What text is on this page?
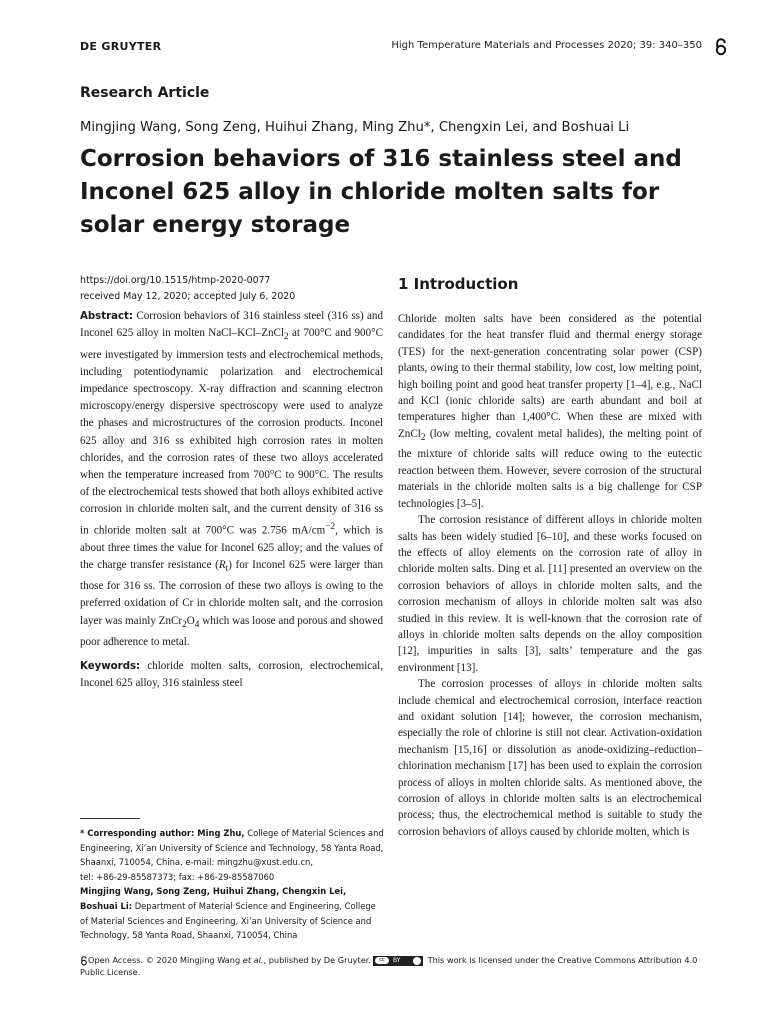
DE GRUYTER	High Temperature Materials and Processes 2020; 39: 340–350
Research Article
Mingjing Wang, Song Zeng, Huihui Zhang, Ming Zhu*, Chengxin Lei, and Boshuai Li
Corrosion behaviors of 316 stainless steel and
Inconel 625 alloy in chloride molten salts for
solar energy storage
https://doi.org/10.1515/htmp-2020-0077
received May 12, 2020; accepted July 6, 2020

Abstract: Corrosion behaviors of 316 stainless steel (316 ss) and Inconel 625 alloy in molten NaCl–KCl–ZnCl$_2$ at 700°C and 900°C were investigated by immersion tests and electrochemical methods, including potentiodynamic polarization and electrochemical impedance spectroscopy. X-ray diffraction and scanning electron microscopy/energy dispersive spectroscopy were used to analyze the phases and microstructures of the corrosion products. Inconel 625 alloy and 316 ss exhibited high corrosion rates in molten chlorides, and the corrosion rates of these two alloys accelerated when the temperature increased from 700°C to 900°C. The results of the electrochemical tests showed that both alloys exhibited active corrosion in chloride molten salt, and the current density of 316 ss in chloride molten salt at 700°C was 2.756 $mA/cm^{-2}$, which is about three times the value for Inconel 625 alloy; and the values of the charge transfer resistance $(R_t)$ for Inconel 625 were larger than those for 316 ss. The corrosion of these two alloys is owing to the preferred oxidation of Cr in chloride molten salt, and the corrosion layer was mainly $ZnCr_2O_4$ which was loose and porous and showed poor adherence to metal.

Keywords: chloride molten salts, corrosion, electrochemical, Inconel 625 alloy, 316 stainless steel

1 Introduction

Chloride molten salts have been considered as the potential candidates for the heat transfer fluid and thermal energy storage (TES) for the next-generation concentrating solar power (CSP) plants, owing to their thermal stability, low cost, low melting point, high boiling point and good heat transfer property [1–4], e.g., NaCl and KCl (ionic chloride salts) are earth abundant and boil at temperatures higher than 1,400°C. When these are mixed with ZnCl$_2$ (low melting, covalent metal halides), the melting point of the mixture of chloride salts will reduce owing to the eutectic reaction between them. However, severe corrosion of the structural materials in the chloride molten salts is a big challenge for CSP technologies [3–5].

The corrosion resistance of different alloys in chloride molten salts has been widely studied [6–10], and these works focused on the effects of alloy elements on the corrosion rate of alloy in chloride molten salts. Ding et al. [11] presented an overview on the corrosion behaviors of alloys in chloride molten salts, and the corrosion mechanism of alloys in chloride molten salt was also studied in this review. It is well-known that the corrosion rate of alloys in chloride molten salts depends on the alloy composition [12], impurities in salts [3], salts’ temperature and the gas environment [13].

The corrosion processes of alloys in chloride molten salts include chemical and electrochemical corrosion, interface reaction and oxidant solution [14]; however, the corrosion mechanism, especially the role of chlorine is still not clear. Activation-oxidation mechanism [15,16] or dissolution as anode-oxidizing–reduction–chlorination mechanism [17] has been used to explain the corrosion process of alloys in molten chloride salts. As mentioned above, the corrosion of alloys in chloride molten salts is an electrochemical process; thus, the electrochemical method is suitable to study the corrosion behaviors of alloys caused by chloride molten, which is

* Corresponding author: Ming Zhu, College of Material Sciences and Engineering, Xi’an University of Science and Technology, 58 Yanta Road, Shaanxi, 710054, China, e-mail: mingzhu@xust.edu.cn,
tel: +86-29-85587373; fax: +86-29-85587060
Mingjing Wang, Song Zeng, Huihui Zhang, Chengxin Lei, Boshuai Li: Department of Material Science and Engineering, College of Material Sciences and Engineering, Xi’an University of Science and Technology, 58 Yanta Road, Shaanxi, 710054, China
Open Access. © 2020 Mingjing Wang et al., published by De Gruyter.	cc	BY	This work is licensed under the Creative Commons Attribution 4.0 Public License.
